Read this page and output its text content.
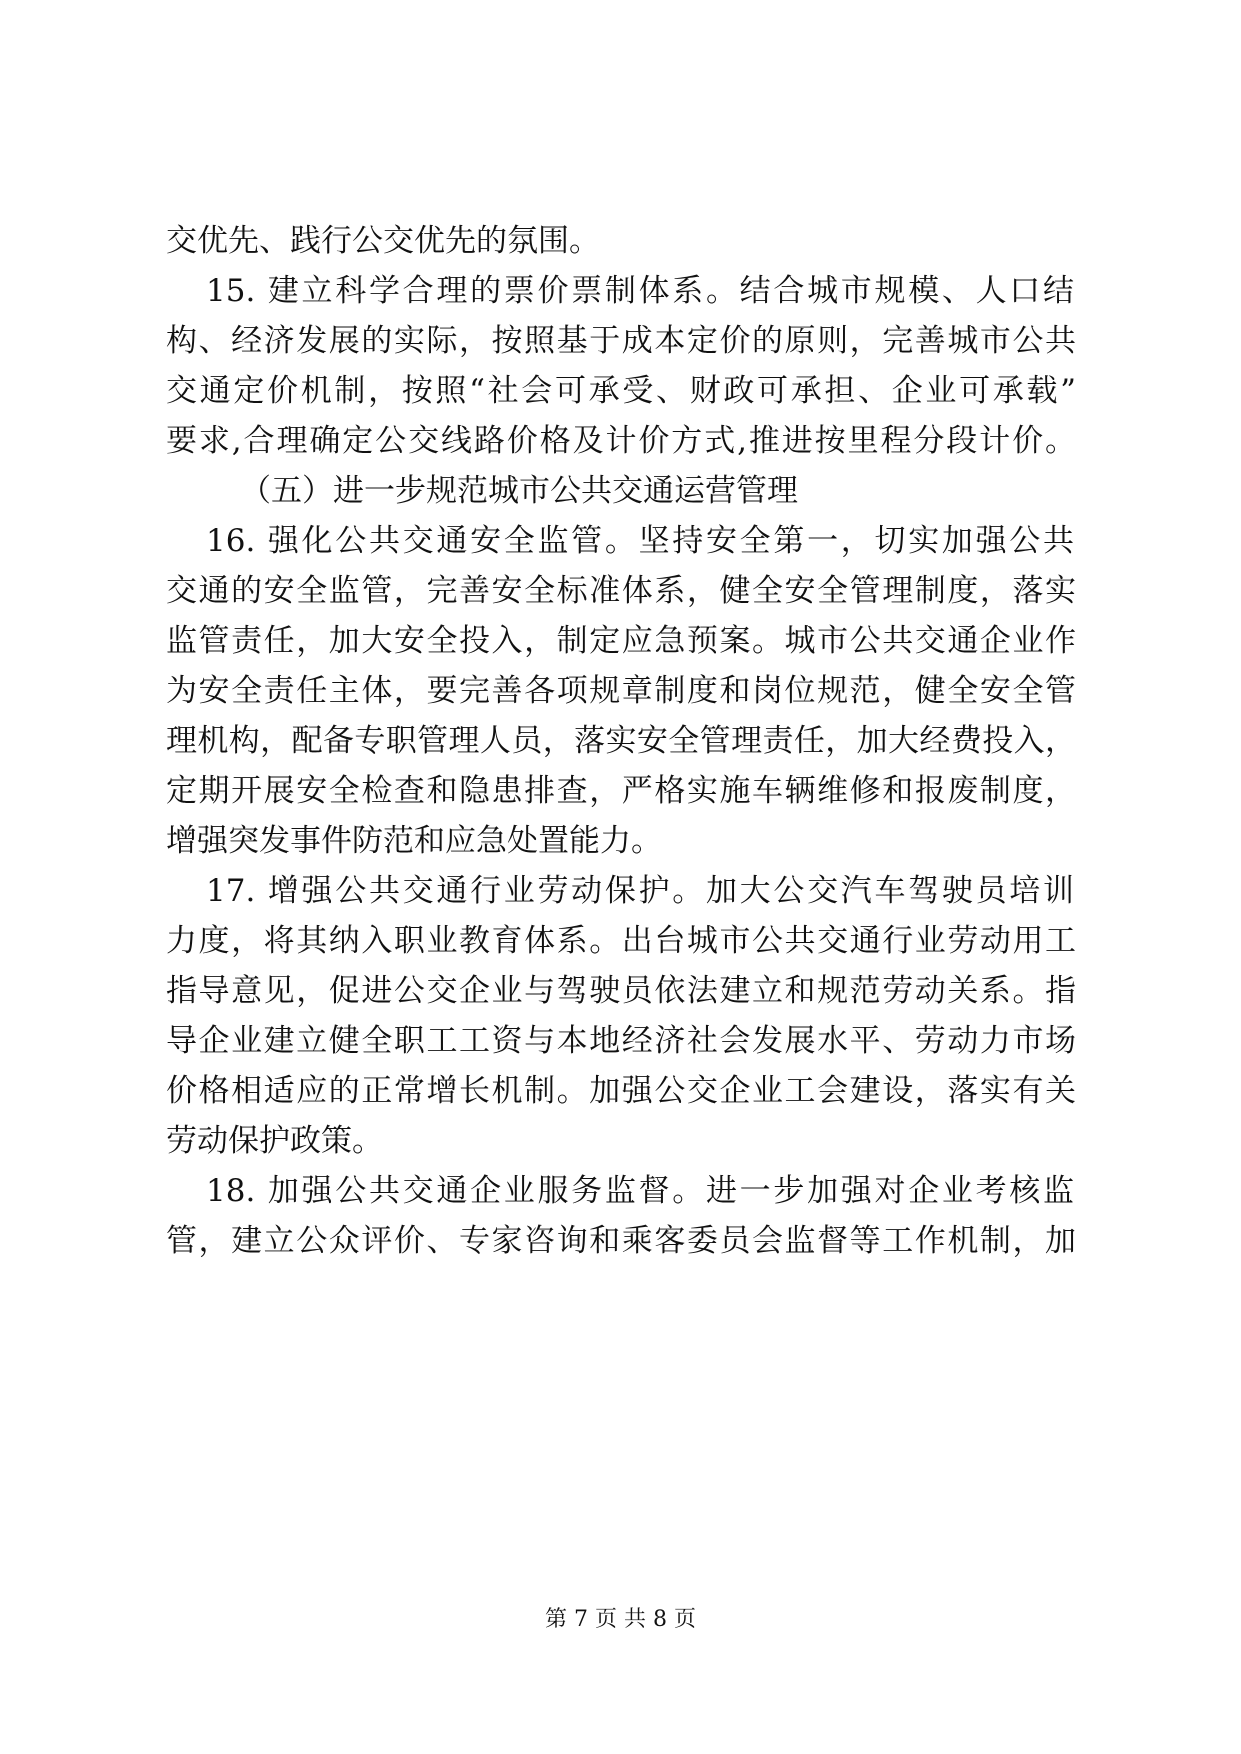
交优先、践行公交优先的氛围。
15. 建立科学合理的票价票制体系。结合城市规模、人口结
构、经济发展的实际，按照基于成本定价的原则，完善城市公共
交通定价机制，按照“社会可承受、财政可承担、企业可承载”
要求,合理确定公交线路价格及计价方式,推进按里程分段计价。
（五）进一步规范城市公共交通运营管理
16. 强化公共交通安全监管。坚持安全第一，切实加强公共
交通的安全监管，完善安全标准体系，健全安全管理制度，落实
监管责任，加大安全投入，制定应急预案。城市公共交通企业作
为安全责任主体，要完善各项规章制度和岗位规范，健全安全管
理机构，配备专职管理人员，落实安全管理责任，加大经费投入，
定期开展安全检查和隐患排查，严格实施车辆维修和报废制度，
增强突发事件防范和应急处置能力。
17. 增强公共交通行业劳动保护。加大公交汽车驾驶员培训
力度，将其纳入职业教育体系。出台城市公共交通行业劳动用工
指导意见，促进公交企业与驾驶员依法建立和规范劳动关系。指
导企业建立健全职工工资与本地经济社会发展水平、劳动力市场
价格相适应的正常增长机制。加强公交企业工会建设，落实有关
劳动保护政策。
18. 加强公共交通企业服务监督。进一步加强对企业考核监
管，建立公众评价、专家咨询和乘客委员会监督等工作机制，加
第 7 页 共 8 页
